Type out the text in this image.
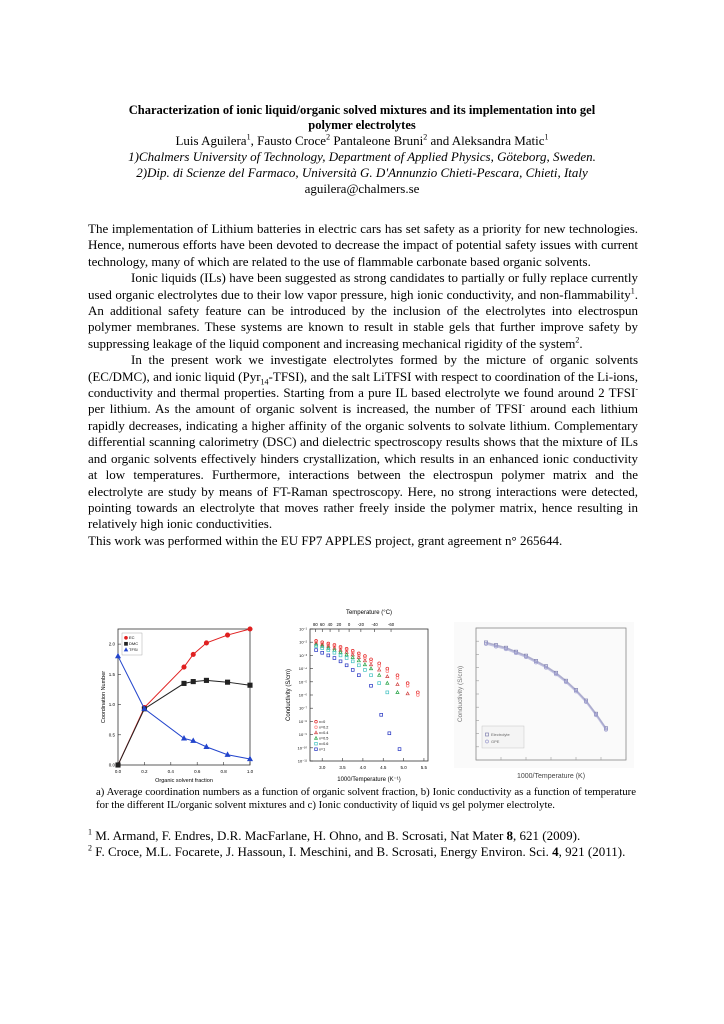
Characterization of ionic liquid/organic solved mixtures and its implementation into gel
polymer electrolytes

Luis Aguilera$^1$, Fausto Croce$^2$ Pantaleone Bruni$^2$ and Aleksandra Matic$^1$

1)Chalmers University of Technology, Department of Applied Physics, Göteborg, Sweden.

2)Dip. di Scienze del Farmaco, Università G. D'Annunzio Chieti-Pescara, Chieti, Italy

aguilera@chalmers.se

The implementation of Lithium batteries in electric cars has set safety as a priority for new technologies. Hence, numerous efforts have been devoted to decrease the impact of potential safety issues with current technology, many of which are related to the use of flammable carbonate based organic solvents.

Ionic liquids (ILs) have been suggested as strong candidates to partially or fully replace currently used organic electrolytes due to their low vapor pressure, high ionic conductivity, and non-flammability$^1$. An additional safety feature can be introduced by the inclusion of the electrolytes into electrospun polymer membranes. These systems are known to result in stable gels that further improve safety by suppressing leakage of the liquid component and increasing mechanical rigidity of the system$^2$.

In the present work we investigate electrolytes formed by the micture of organic solvents (EC/DMC), and ionic liquid (Pyr$_{14}$-TFSI), and the salt LiTFSI with respect to coordination of the Li-ions, conductivity and thermal properties. Starting from a pure IL based electrolyte we found around 2 TFSI- per lithium. As the amount of organic solvent is increased, the number of TFSI- around each lithium rapidly decreases, indicating a higher affinity of the organic solvents to solvate lithium. Complementary differential scanning calorimetry (DSC) and dielectric spectroscopy results shows that the mixture of ILs and organic solvents effectively hinders crystallization, which results in an enhanced ionic conductivity at low temperatures. Furthermore, interactions between the electrospun polymer matrix and the electrolyte are study by means of FT-Raman spectroscopy. Here, no strong interactions were detected, pointing towards an electrolyte that moves rather freely inside the polymer matrix, hence resulting in relatively high ionic conductivities.

This work was performed within the EU FP7 APPLES project, grant agreement n° 265644.

0.0	0.2	0.4	0.6	0.8	1.0
0.0
0.5
1.0
1.5
2.0
EC
DMC
TFSI
Organic solvent fraction
Coordination Number
Temperature (°C)
80 60 40 20 0 -20 -40 -60
3.0	3.5	4.0	4.5	5.0	5.5
10⁻¹
10⁻²
10⁻³
10⁻⁴
10⁻⁵
10⁻⁶
10⁻⁷
10⁻⁸
10⁻⁹
10⁻¹⁰
10⁻¹¹
x=0
x=0.2
x=0.4
x=0.5
x=0.6
x=1
1000/Temperature (K⁻¹)
Conductivity (S/cm)
Electrolyte
GPE
1000/Temperature (K)
Conductivity (S/cm)
a) Average coordination numbers as a function of organic solvent fraction, b) Ionic conductivity as a function of temperature for the different IL/organic solvent mixtures and c) Ionic conductivity of liquid vs gel polymer electrolyte.

$^1$ M. Armand, F. Endres, D.R. MacFarlane, H. Ohno, and B. Scrosati, Nat Mater 8, 621 (2009).

$^2$ F. Croce, M.L. Focarete, J. Hassoun, I. Meschini, and B. Scrosati, Energy Environ. Sci. 4, 921 (2011).
